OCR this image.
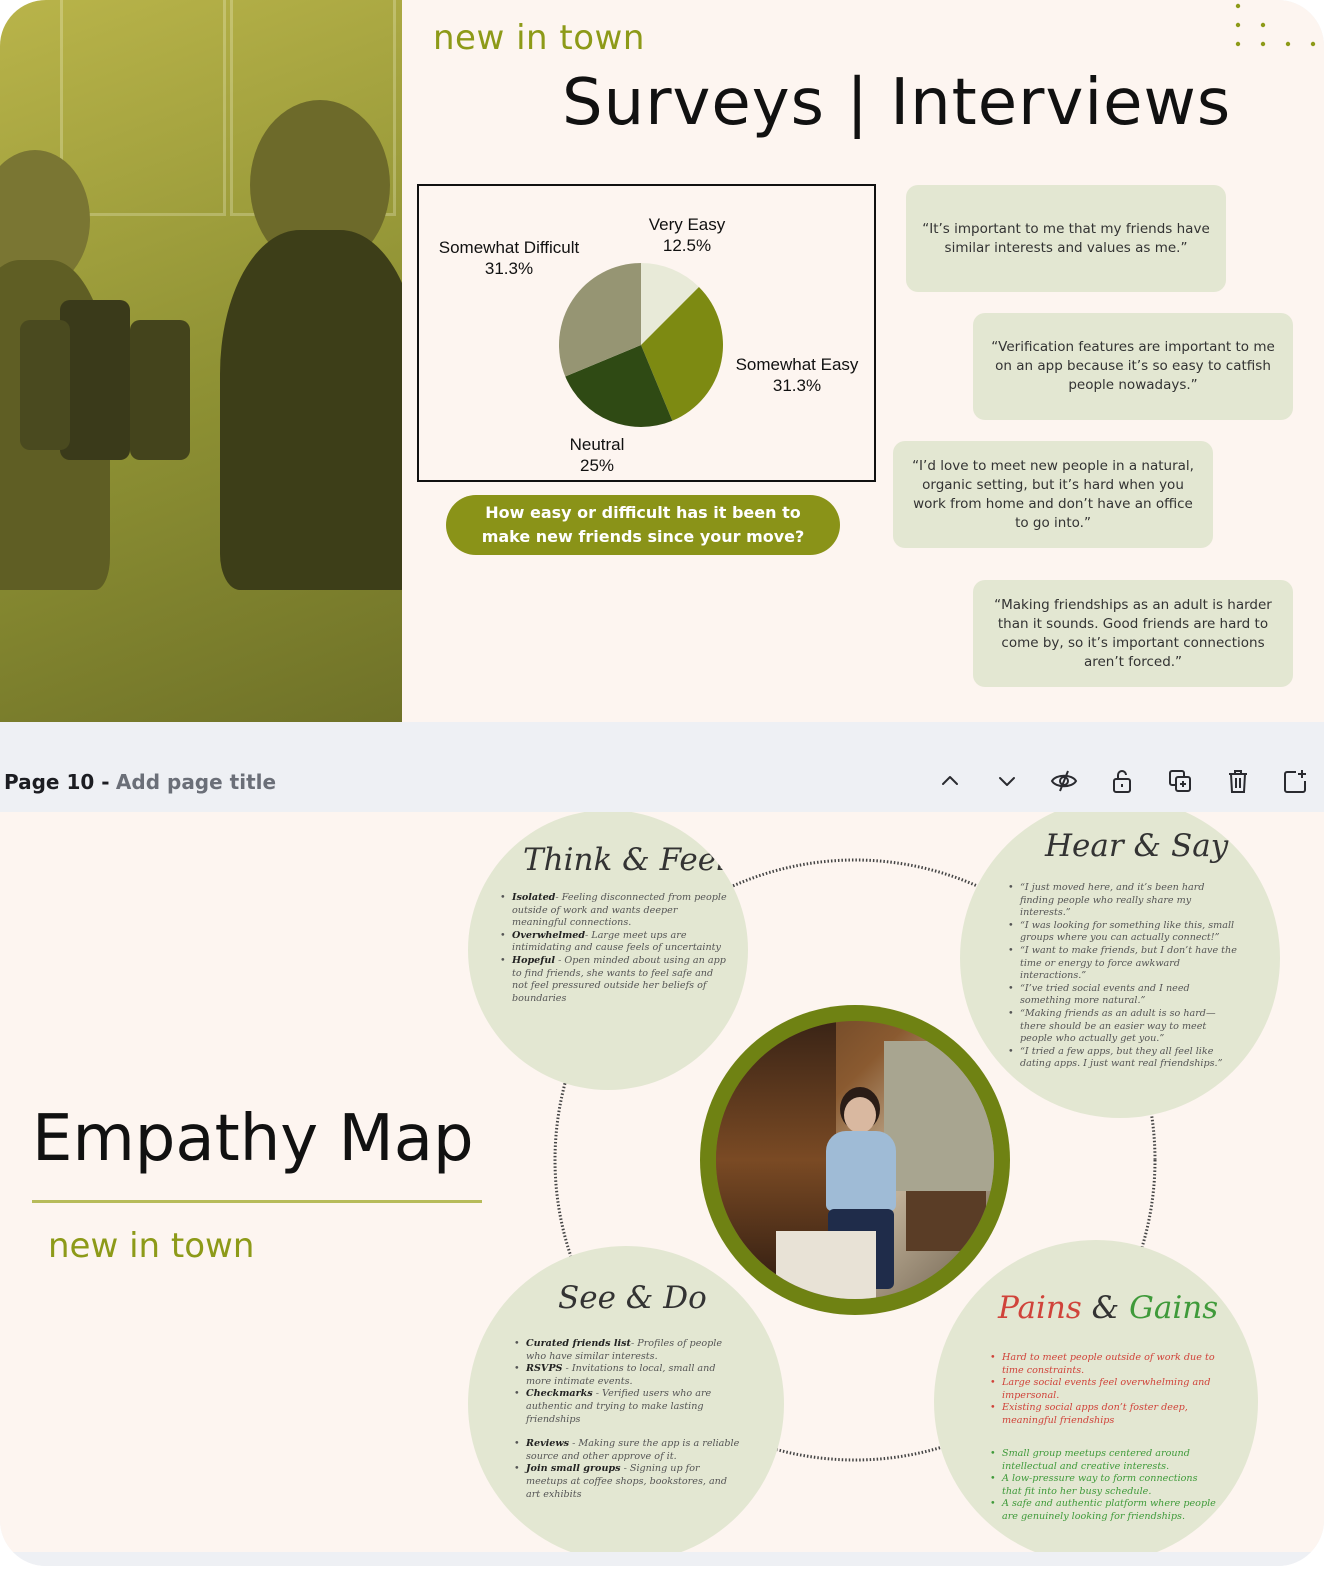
new in town
Surveys | Interviews
Very Easy
12.5%
Somewhat Easy
31.3%
Neutral
25%
Somewhat Difficult
31.3%
How easy or difficult has it been to make new friends since your move?
“It’s important to me that my friends have similar interests and values as me.”
“Verification features are important to me on an app because it’s so easy to catfish people nowadays.”
“I’d love to meet new people in a natural, organic setting, but it’s hard when you work from home and don’t have an office to go into.”
“Making friendships as an adult is harder than it sounds. Good friends are hard to come by, so it’s important connections aren’t forced.”
Page 10 - Add page title
Empathy Map
new in town
Think & Feel
• Isolated- Feeling disconnected from people outside of work and wants deeper meaningful connections.
• Overwhelmed- Large meet ups are intimidating and cause feels of uncertainty
• Hopeful - Open minded about using an app to find friends, she wants to feel safe and not feel pressured outside her beliefs of boundaries
Hear & Say
• “I just moved here, and it’s been hard finding people who really share my interests.”
• “I was looking for something like this, small groups where you can actually connect!”
• “I want to make friends, but I don’t have the time or energy to force awkward interactions.”
• “I’ve tried social events and I need something more natural.”
• “Making friends as an adult is so hard—there should be an easier way to meet people who actually get you.”
• “I tried a few apps, but they all feel like dating apps. I just want real friendships.”
See & Do
• Curated friends list- Profiles of people who have similar interests.
• RSVPS - Invitations to local, small and more intimate events.
• Checkmarks - Verified users who are authentic and trying to make lasting friendships
• Reviews - Making sure the app is a reliable source and other approve of it.
• Join small groups - Signing up for meetups at coffee shops, bookstores, and art exhibits
Pains & Gains
• Hard to meet people outside of work due to time constraints.
• Large social events feel overwhelming and impersonal.
• Existing social apps don’t foster deep, meaningful friendships
• Small group meetups centered around intellectual and creative interests.
• A low-pressure way to form connections that fit into her busy schedule.
• A safe and authentic platform where people are genuinely looking for friendships.
